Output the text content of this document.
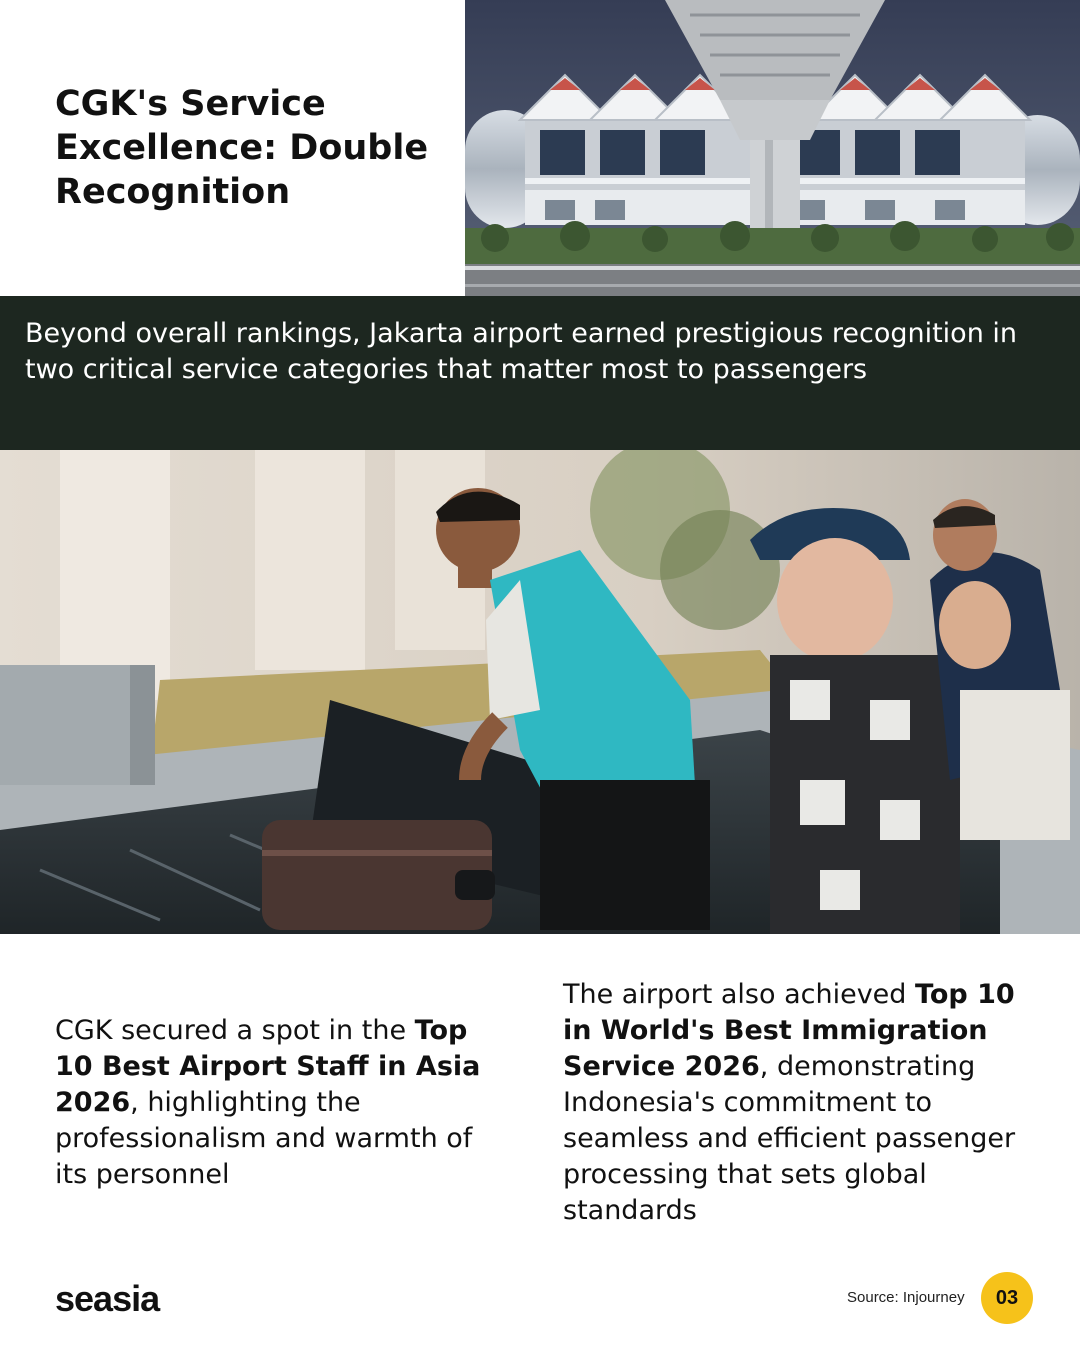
CGK's Service Excellence: Double Recognition

Beyond overall rankings, Jakarta airport earned prestigious recognition in two critical service categories that matter most to passengers

CGK secured a spot in the Top 10 Best Airport Staff in Asia 2026, highlighting the professionalism and warmth of its personnel

The airport also achieved Top 10 in World's Best Immigration Service 2026, demonstrating Indonesia's commitment to seamless and efficient passenger processing that sets global standards

seasia	Source: Injourney	03
